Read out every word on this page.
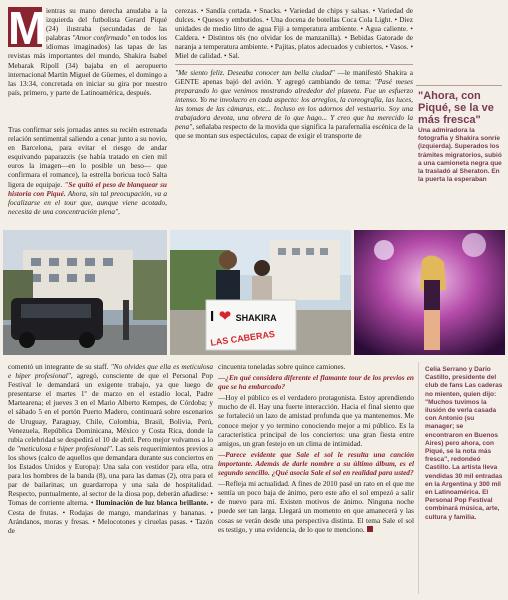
M ientras su mano derecha anudaba a la izquierda del futbolista Gerard Piqué (24) ilustraba (secundadas de las palabras "Amor confirmado" en todos los idiomas imaginados) las tapas de las revistas más importantes del mundo, Shakira Isabel Mebarak Ripoll (34) bajaba en el aeropuerto internacional Martín Miguel de Güemes, el domingo a las 13:34, concretada en iniciar su gira por nuestro país, primero, y parte de Latinoamérica, después.

Tras confirmar seis jornadas antes su recién estrenada relación sentimental saliendo a cenar junto a su novio, en Barcelona, para evitar el riesgo de andar esquivando paparazzis (se había tratado en cien mil euros la imagen—en lo posible un beso— que confirmara el romance), la estrella boricua tocó Salta ligera de equipaje. "Se quitó el peso de blanquear su historia con Piqué. Ahora, sin tal preocupación, va a focalizarse en el tour que, aunque viene acotado, necesita de una concentración plena",

cerezas. • Sandía cortada. • Snacks. • Variedad de chips y salsas. • Variedad de dulces. • Quesos y embutidos. • Una docena de botellas Coca Cola Light. • Diez unidades de medio litro de agua Fiji a temperatura ambiente. • Agua caliente. • Caldera. • Distintos tés (no olvidar los de manzanilla). • Bebidas Gatorade de naranja a temperatura ambiente. • Pajitas, platos adecuados y cubiertos. • Vasos. • Miel de calidad. • Sal.

"Me siento feliz. Deseaba conocer tan bella ciudad" —le manifestó Shakira a GENTE apenas bajó del avión. Y agregó cambiando de tema: "Pasé meses preparando lo que venimos mostrando alrededor del planeta. Fue un esfuerzo intenso. Yo me involucro en cada aspecto: los arreglos, la coreografía, las luces, las tomas de las cámaras, etc... Incluso en los adornos del vestuario. Soy una trabajadora devota, una obrera de lo que hago... Y creo que ha merecido la pena", señalaba respecto de la movida que significa la parafernalia escénica de la que se montan sus espectáculos, capaz de exigir el transporte de

"Ahora, con Piqué, se la ve más fresca"
Una admiradora la fotografía y Shakira sonríe (izquierda). Superados los trámites migratorios, subió a una camioneta negra que la trasladó al Sheraton. En la puerta la esperaban
I ❤ SHAKIRA
LAS CABERAS

comentó un integrante de su staff. "No olvides que ella es meticulosa e híper profesional", agregó, consciente de que el Personal Pop Festival le demandará un exigente trabajo, ya que luego de presentarse el martes 1º de marzo en el estadio local, Padre Martearena; el jueves 3 en el Mario Alberto Kempes, de Córdoba; y el sábado 5 en el portón Puerto Madero, continuará sobre escenarios de Uruguay, Paraguay, Chile, Colombia, Brasil, Bolivia, Perú, Venezuela, República Dominicana, México y Costa Rica, donde la rubia celebridad se despedirá el 10 de abril. Pero mejor volvamos a lo de "meticulosa e híper profesional". Las seis requerimientos previos a los shows (calco de aquellos que demandara durante sus conciertos en los Estados Unidos y Europa): Una sala con vestidor para ella, otra para los hombres de la banda (8), una para las damas (2), otra para el par de bailarinas; un guardarropa y una sala de hospitalidad. Respecto, puntualmente, al sector de la diosa pop, deberán añadirse: • Tomas de corriente alterna. • Iluminación de luz blanca brillante. • Cesta de frutas. • Rodajas de mango, mandarinas y bananas. • Arándanos, moras y fresas. • Melocotones y ciruelas pasas. • Tazón de

cincuenta toneladas sobre quince camiones.

—¿En qué considera diferente el flamante tour de los previos en que se ha embarcado?

—Hoy el público es el verdadero protagonista. Estoy aprendiendo mucho de él. Hay una fuerte interacción. Hacia el final siento que se fortaleció un lazo de amistad profunda que ya mantenemos. Me conoce mejor y yo termino conociendo mejor a mi público. Es la característica principal de los conciertos: una gran fiesta entre amigos, un gran festejo en un clima de intimidad.

—Parece evidente que Sale el sol le resulta una canción importante. Además de darle nombre a su último álbum, es el segundo sencillo. ¿Qué asocia Sale el sol en realidad para usted?

—Refleja mi actualidad. A fines de 2010 pasé un rato en el que me sentía un poco baja de ánimo, pero este año el sol empezó a salir de nuevo para mí. Existen motivos de ánimo. Ninguna noche puede ser tan larga. Llegará un momento en que amanecerá y las cosas se verán desde una perspectiva distinta. El tema Sale el sol es testigo, y una evidencia, de lo que te menciono.

Celia Serrano y Darío Castillo, presidente del club de fans Las caderas no mienten, quien dijo: "Muchos tuvimos la ilusión de verla casada con Antonio (su manager; se encontraron en Buenos Aires) pero ahora, con Piqué, se la nota más fresca", redondeó Castillo. La artista lleva vendidas 30 mil entradas en la Argentina y 300 mil en Latinoamérica. El Personal Pop Festival combinará música, arte, cultura y familia.
